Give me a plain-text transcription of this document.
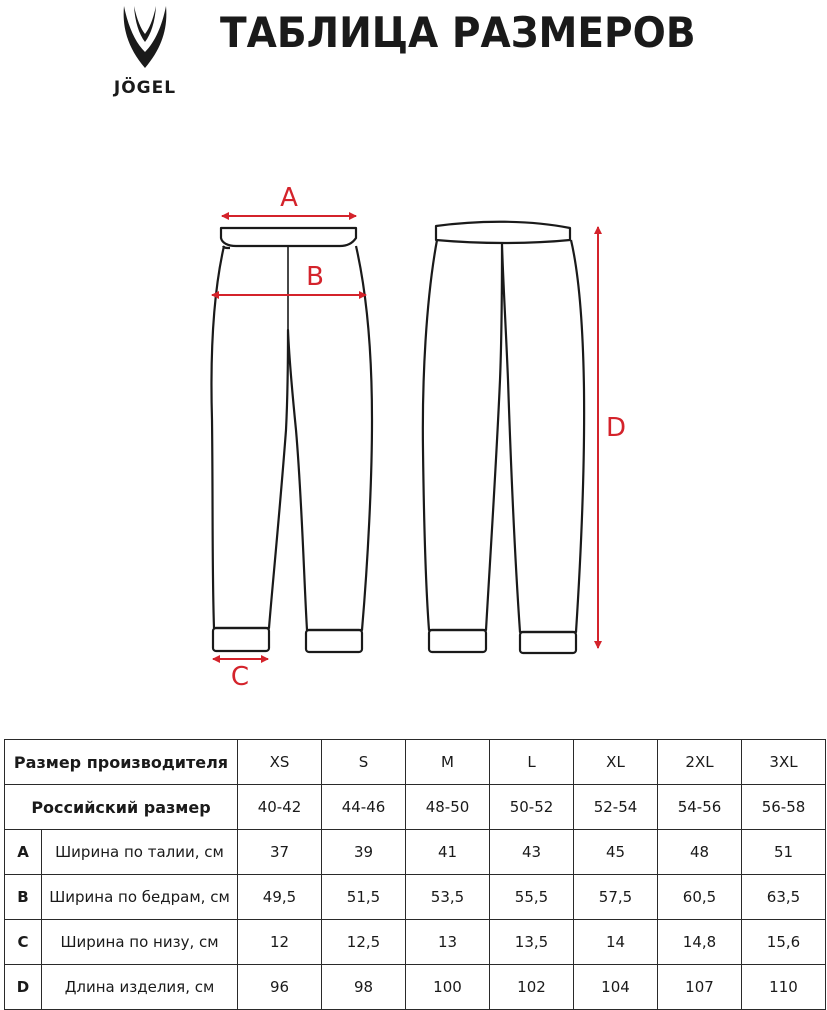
JÖGEL
ТАБЛИЦА РАЗМЕРОВ
A
B
C
D
Размер производителя	XS	S	M	L	XL	2XL	3XL
Российский размер	40-42	44-46	48-50	50-52	52-54	54-56	56-58

A Ширина по талии, см	37	39	41	43	45	48	51

B Ширина по бедрам, см	49,5	51,5	53,5	55,5	57,5	60,5	63,5

C Ширина по низу, см	12	12,5	13	13,5	14	14,8	15,6

D Длина изделия, см	96	98	100	102	104	107	110
